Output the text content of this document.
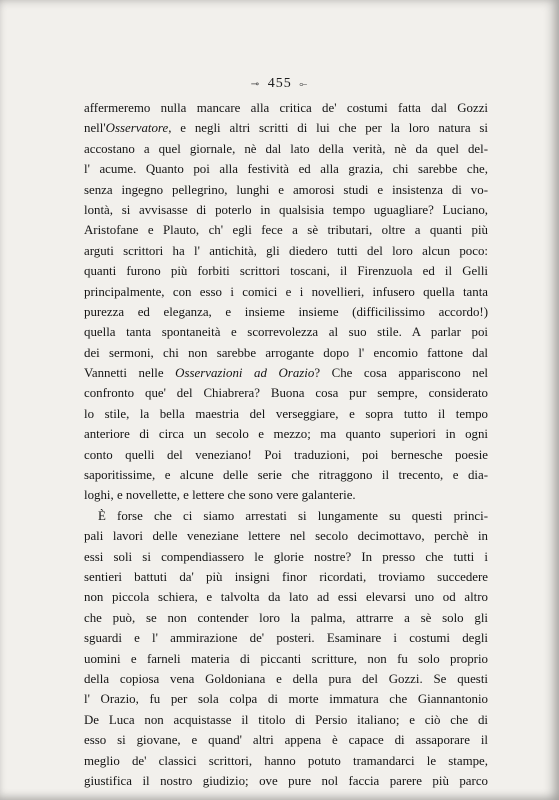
⊸ 455 ⟜
affermeremo nulla mancare alla critica de' costumi fatta dal Gozzi
nell'Osservatore, e negli altri scritti di lui che per la loro natura si
accostano a quel giornale, nè dal lato della verità, nè da quel del-
l' acume. Quanto poi alla festività ed alla grazia, chi sarebbe che,
senza ingegno pellegrino, lunghi e amorosi studi e insistenza di vo-
lontà, si avvisasse di poterlo in qualsisia tempo uguagliare? Luciano,
Aristofane e Plauto, ch' egli fece a sè tributari, oltre a quanti più
arguti scrittori ha l' antichità, gli diedero tutti del loro alcun poco:
quanti furono più forbiti scrittori toscani, il Firenzuola ed il Gelli
principalmente, con esso i comici e i novellieri, infusero quella tanta
purezza ed eleganza, e insieme insieme (difficilissimo accordo!)
quella tanta spontaneità e scorrevolezza al suo stile. A parlar poi
dei sermoni, chi non sarebbe arrogante dopo l' encomio fattone dal
Vannetti nelle Osservazioni ad Orazio? Che cosa appariscono nel
confronto que' del Chiabrera? Buona cosa pur sempre, considerato
lo stile, la bella maestria del verseggiare, e sopra tutto il tempo
anteriore di circa un secolo e mezzo; ma quanto superiori in ogni
conto quelli del veneziano! Poi traduzioni, poi bernesche poesie
saporitissime, e alcune delle serie che ritraggono il trecento, e dia-
loghi, e novellette, e lettere che sono vere galanterie.
È forse che ci siamo arrestati si lungamente su questi princi-
pali lavori delle veneziane lettere nel secolo decimottavo, perchè in
essi soli si compendiassero le glorie nostre? In presso che tutti i
sentieri battuti da' più insigni finor ricordati, troviamo succedere
non piccola schiera, e talvolta da lato ad essi elevarsi uno od altro
che può, se non contender loro la palma, attrarre a sè solo gli
sguardi e l' ammirazione de' posteri. Esaminare i costumi degli
uomini e farneli materia di piccanti scritture, non fu solo proprio
della copiosa vena Goldoniana e della pura del Gozzi. Se questi
l' Orazio, fu per sola colpa di morte immatura che Giannantonio
De Luca non acquistasse il titolo di Persio italiano; e ciò che di
esso si giovane, e quand' altri appena è capace di assaporare il
meglio de' classici scrittori, hanno potuto tramandarci le stampe,
giustifica il nostro giudizio; ove pure nol faccia parere più parco
